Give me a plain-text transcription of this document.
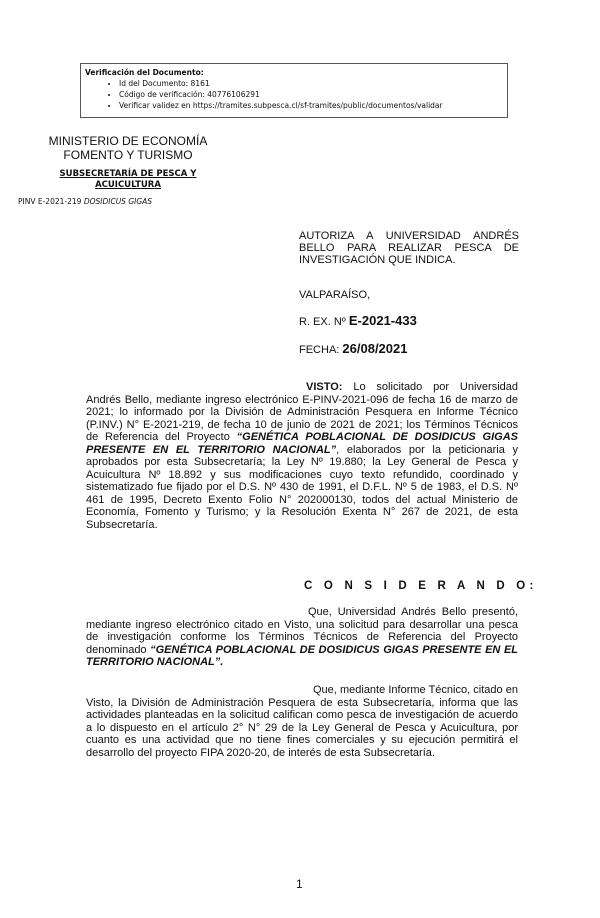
Verificación del Documento:
• Id del Documento: 8161
• Código de verificación: 40776106291
• Verificar validez en https://tramites.subpesca.cl/sf-tramites/public/documentos/validar
MINISTERIO DE ECONOMÍA
FOMENTO Y TURISMO
SUBSECRETARÍA DE PESCA Y
ACUICULTURA
PINV E-2021-219 DOSIDICUS GIGAS
AUTORIZA A UNIVERSIDAD ANDRÉS
BELLO PARA REALIZAR PESCA DE
INVESTIGACIÓN QUE INDICA.
VALPARAÍSO,
R. EX. Nº E-2021-433
FECHA: 26/08/2021
VISTO: Lo solicitado por Universidad Andrés Bello, mediante ingreso electrónico E-PINV-2021-096 de fecha 16 de marzo de 2021; lo informado por la División de Administración Pesquera en Informe Técnico (P.INV.) N° E-2021-219, de fecha 10 de junio de 2021 de 2021; los Términos Técnicos de Referencia del Proyecto “GENÉTICA POBLACIONAL DE DOSIDICUS GIGAS PRESENTE EN EL TERRITORIO NACIONAL”, elaborados por la peticionaria y aprobados por esta Subsecretaría; la Ley Nº 19.880; la Ley General de Pesca y Acuicultura Nº 18.892 y sus modificaciones cuyo texto refundido, coordinado y sistematizado fue fijado por el D.S. Nº 430 de 1991, el D.F.L. Nº 5 de 1983, el D.S. Nº 461 de 1995, Decreto Exento Folio N° 202000130, todos del actual Ministerio de Economía, Fomento y Turismo; y la Resolución Exenta N° 267 de 2021, de esta Subsecretaría.
C O N S I D E R A N D O:
Que, Universidad Andrés Bello presentó, mediante ingreso electrónico citado en Visto, una solicitud para desarrollar una pesca de investigación conforme los Términos Técnicos de Referencia del Proyecto denominado “GENÉTICA POBLACIONAL DE DOSIDICUS GIGAS PRESENTE EN EL TERRITORIO NACIONAL”.
Que, mediante Informe Técnico, citado en Visto, la División de Administración Pesquera de esta Subsecretaría, informa que las actividades planteadas en la solicitud califican como pesca de investigación de acuerdo a lo dispuesto en el artículo 2° N° 29 de la Ley General de Pesca y Acuicultura, por cuanto es una actividad que no tiene fines comerciales y su ejecución permitirá el desarrollo del proyecto FIPA 2020-20, de interés de esta Subsecretaría.
1
